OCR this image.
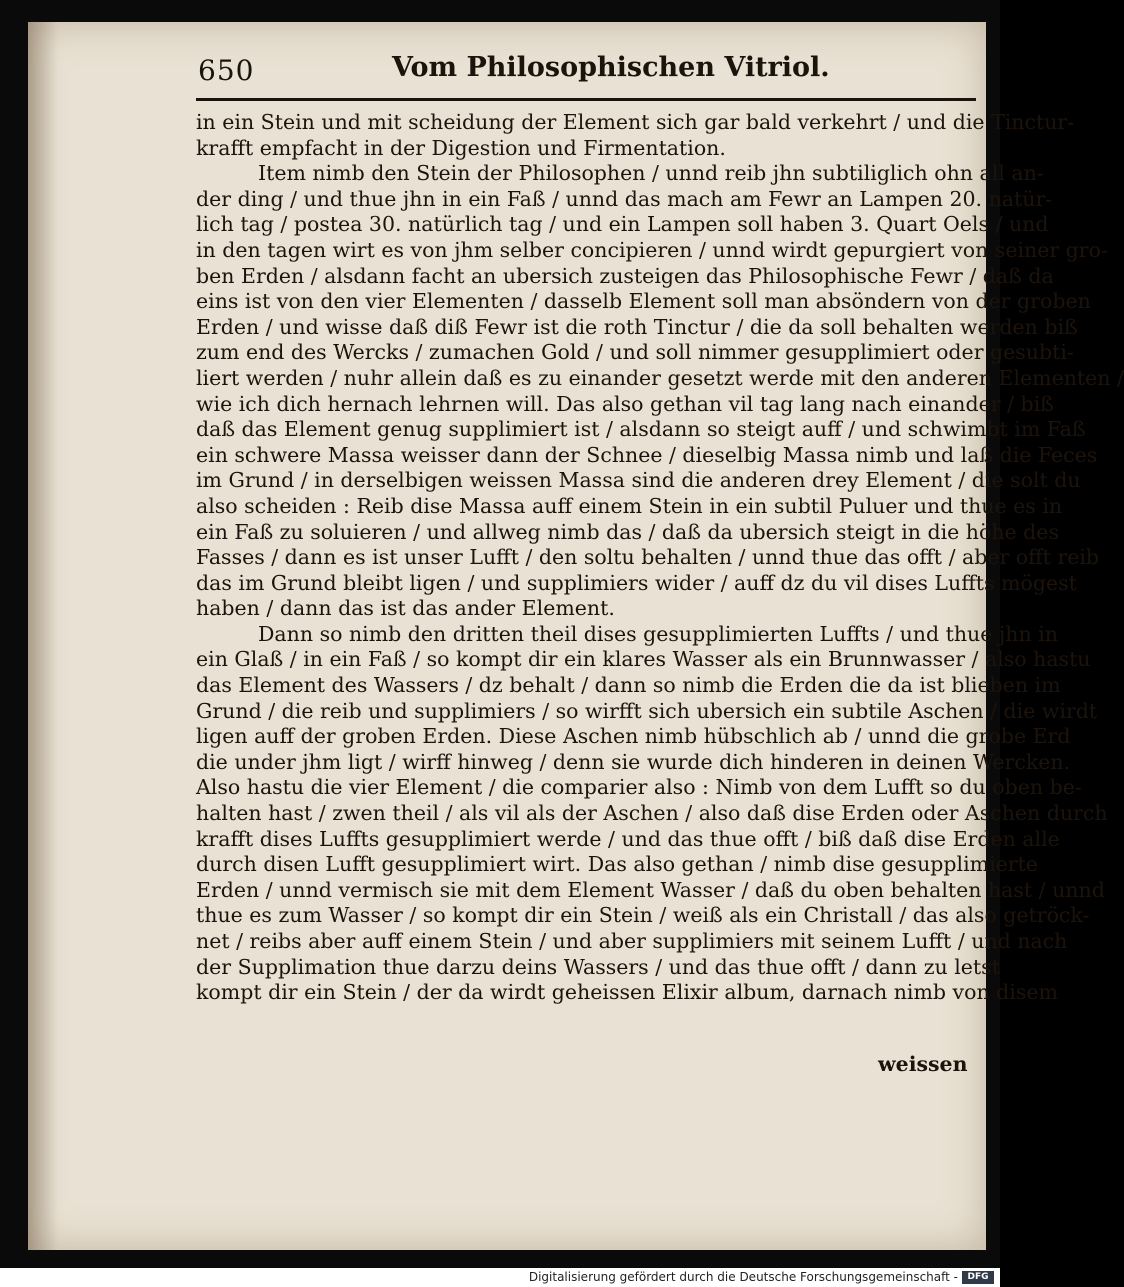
650	Vom Philosophischen Vitriol.
in ein Stein und mit scheidung der Element sich gar bald verkehrt / und die Tinctur-
krafft empfacht in der Digestion und Firmentation.
Item nimb den Stein der Philosophen / unnd reib jhn subtiliglich ohn all an-
der ding / und thue jhn in ein Faß / unnd das mach am Fewr an Lampen 20. natür-
lich tag / postea 30. natürlich tag / und ein Lampen soll haben 3. Quart Oels / und
in den tagen wirt es von jhm selber concipieren / unnd wirdt gepurgiert von seiner gro-
ben Erden / alsdann facht an ubersich zusteigen das Philosophische Fewr / daß da
eins ist von den vier Elementen / dasselb Element soll man absöndern von der groben
Erden / und wisse daß diß Fewr ist die roth Tinctur / die da soll behalten werden biß
zum end des Wercks / zumachen Gold / und soll nimmer gesupplimiert oder gesubti-
liert werden / nuhr allein daß es zu einander gesetzt werde mit den anderen Elementen /
wie ich dich hernach lehrnen will. Das also gethan vil tag lang nach einander / biß
daß das Element genug supplimiert ist / alsdann so steigt auff / und schwimbt im Faß
ein schwere Massa weisser dann der Schnee / dieselbig Massa nimb und laß die Feces
im Grund / in derselbigen weissen Massa sind die anderen drey Element / die solt du
also scheiden : Reib dise Massa auff einem Stein in ein subtil Puluer und thue es in
ein Faß zu soluieren / und allweg nimb das / daß da ubersich steigt in die höhe des
Fasses / dann es ist unser Lufft / den soltu behalten / unnd thue das offt / aber offt reib
das im Grund bleibt ligen / und supplimiers wider / auff dz du vil dises Luffts mögest
haben / dann das ist das ander Element.
Dann so nimb den dritten theil dises gesupplimierten Luffts / und thue jhn in
ein Glaß / in ein Faß / so kompt dir ein klares Wasser als ein Brunnwasser / also hastu
das Element des Wassers / dz behalt / dann so nimb die Erden die da ist blieben im
Grund / die reib und supplimiers / so wirfft sich ubersich ein subtile Aschen / die wirdt
ligen auff der groben Erden. Diese Aschen nimb hübschlich ab / unnd die grobe Erd
die under jhm ligt / wirff hinweg / denn sie wurde dich hinderen in deinen Wercken.
Also hastu die vier Element / die comparier also : Nimb von dem Lufft so du oben be-
halten hast / zwen theil / als vil als der Aschen / also daß dise Erden oder Aschen durch
krafft dises Luffts gesupplimiert werde / und das thue offt / biß daß dise Erden alle
durch disen Lufft gesupplimiert wirt. Das also gethan / nimb dise gesupplimierte
Erden / unnd vermisch sie mit dem Element Wasser / daß du oben behalten hast / unnd
thue es zum Wasser / so kompt dir ein Stein / weiß als ein Christall / das also getröck-
net / reibs aber auff einem Stein / und aber supplimiers mit seinem Lufft / und nach
der Supplimation thue darzu deins Wassers / und das thue offt / dann zu letst
kompt dir ein Stein / der da wirdt geheissen Elixir album, darnach nimb von disem
weissen
Digitalisierung gefördert durch die Deutsche Forschungsgemeinschaft -	DFG
